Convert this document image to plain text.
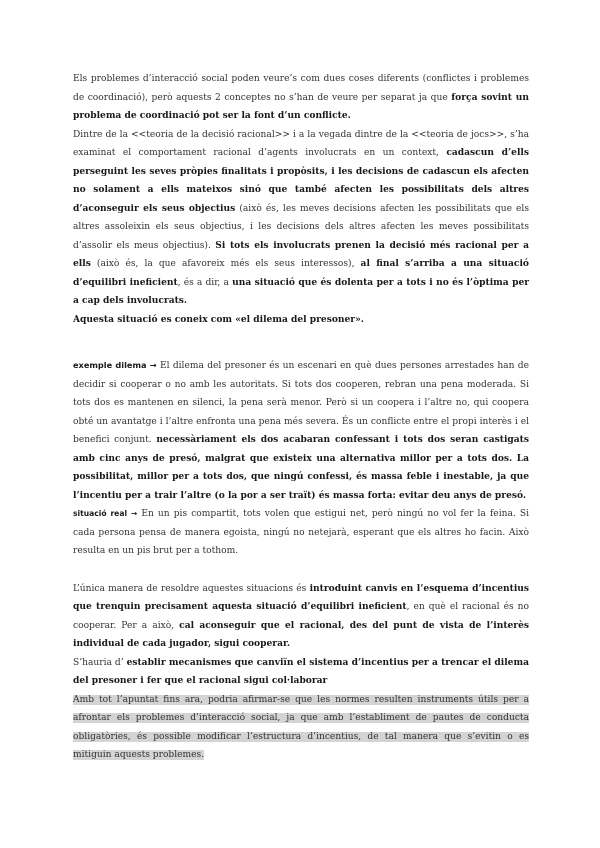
Els problemes d’interacció social poden veure’s com dues coses diferents (conflictes i problemes de coordinació), però aquests 2 conceptes no s’han de veure per separat ja que força sovint un problema de coordinació pot ser la font d’un conflicte.

Dintre de la <<teoria de la decisió racional>> i a la vegada dintre de la <<teoria de jocs>>, s’ha examinat el comportament racional d’agents involucrats en un context, cadascun d’ells perseguint les seves pròpies finalitats i propòsits, i les decisions de cadascun els afecten no solament a ells mateixos sinó que també afecten les possibilitats dels altres d’aconseguir els seus objectius (això és, les meves decisions afecten les possibilitats que els altres assoleixin els seus objectius, i les decisions dels altres afecten les meves possibilitats d’assolir els meus objectius). Si tots els involucrats prenen la decisió més racional per a ells (això és, la que afavoreix més els seus interessos), al final s’arriba a una situació d’equilibri ineficient, és a dir, a una situació que és dolenta per a tots i no és l’òptima per a cap dels involucrats.

Aquesta situació es coneix com «el dilema del presoner».

exemple dilema → El dilema del presoner és un escenari en què dues persones arrestades han de decidir si cooperar o no amb les autoritats. Si tots dos cooperen, rebran una pena moderada. Si tots dos es mantenen en silenci, la pena serà menor. Però si un coopera i l’altre no, qui coopera obté un avantatge i l’altre enfronta una pena més severa. És un conflicte entre el propi interès i el benefici conjunt. necessàriament els dos acabaran confessant i tots dos seran castigats amb cinc anys de presó, malgrat que existeix una alternativa millor per a tots dos. La possibilitat, millor per a tots dos, que ningú confessi, és massa feble i inestable, ja que l’incentiu per a trair l’altre (o la por a ser traït) és massa forta: evitar deu anys de presó.

situació real → En un pis compartit, tots volen que estigui net, però ningú no vol fer la feina. Si cada persona pensa de manera egoista, ningú no netejarà, esperant que els altres ho facin. Això resulta en un pis brut per a tothom.

L’única manera de resoldre aquestes situacions és introduint canvis en l’esquema d’incentius que trenquin precisament aquesta situació d’equilibri ineficient, en què el racional és no cooperar. Per a això, cal aconseguir que el racional, des del punt de vista de l’interès individual de cada jugador, sigui cooperar.

S’hauria d’ establir mecanismes que canviïn el sistema d’incentius per a trencar el dilema del presoner i fer que el racional sigui col·laborar

Amb tot l’apuntat fins ara, podria afirmar-se que les normes resulten instruments útils per a afrontar els problemes d’interacció social, ja que amb l’establiment de pautes de conducta obligatòries, és possible modificar l’estructura d’incentius, de tal manera que s’evitin o es mitiguin aquests problemes.
